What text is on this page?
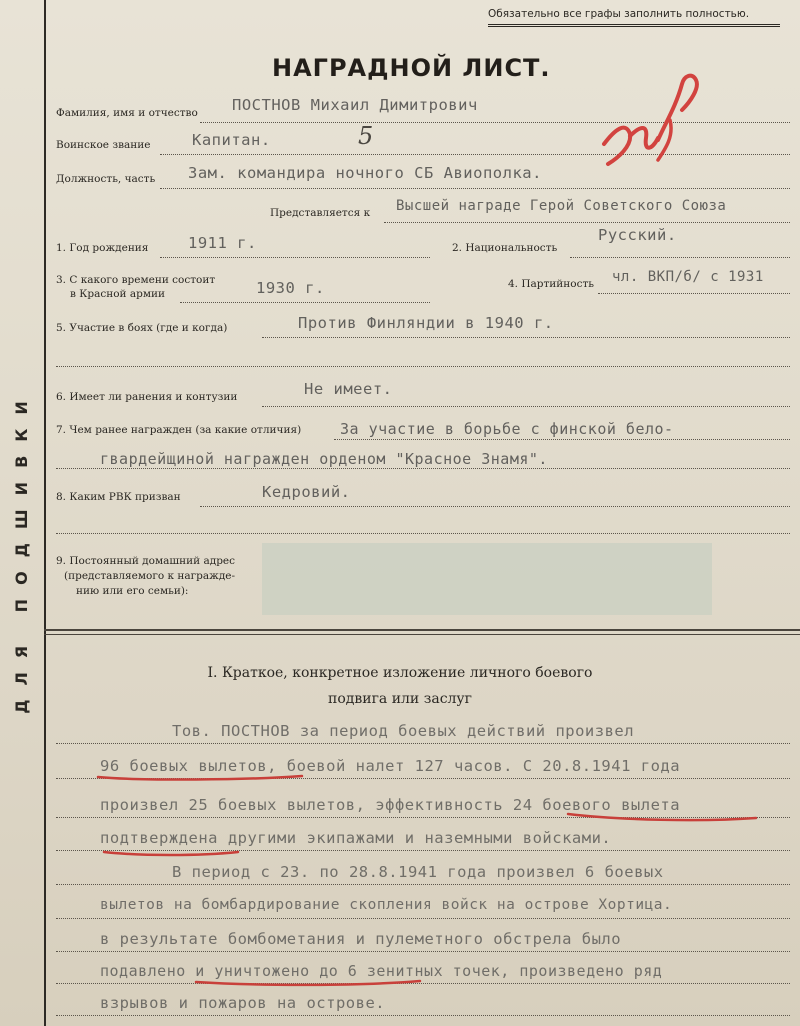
ДЛЯ ПОДШИВКИ
Обязательно все графы заполнить полностью.
НАГРАДНОЙ ЛИСТ.
Фамилия, имя и отчество ПОСТНОВ Михаил Димитрович
Воинское звание	Капитан.	5
Должность, часть Зам. командира ночного СБ Авиополка.
Представляется к Высшей награде Герой Советского Союза
1. Год рождения	1911 г.	2. Национальность
Русский.
3. С какого времени состоит
в Красной армии	1930 г.	4. Партийность чл. ВКП/б/ с 1931
5. Участие в боях (где и когда)	Против Финляндии в 1940 г.
6. Имеет ли ранения и контузии	Не имеет.
7. Чем ранее награжден (за какие отличия)	За участие в борьбе с финской бело-
гвардейщиной награжден орденом "Красное Знамя".
8. Каким РВК призван	Кедровий.
9. Постоянный домашний адрес
(представляемого к награжде-
нию или его семьи):
I. Краткое, конкретное изложение личного боевого
подвига или заслуг
Тов. ПОСТНОВ за период боевых действий произвел
96 боевых вылетов, боевой налет 127 часов. С 20.8.1941 года
произвел 25 боевых вылетов, эффективность 24 боевого вылета
подтверждена другими экипажами и наземными войсками.
В период с 23. по 28.8.1941 года произвел 6 боевых
вылетов на бомбардирование скопления войск на острове Хортица.
в результате бомбометания и пулеметного обстрела было
подавлено и уничтожено до 6 зенитных точек, произведено ряд
взрывов и пожаров на острове.
